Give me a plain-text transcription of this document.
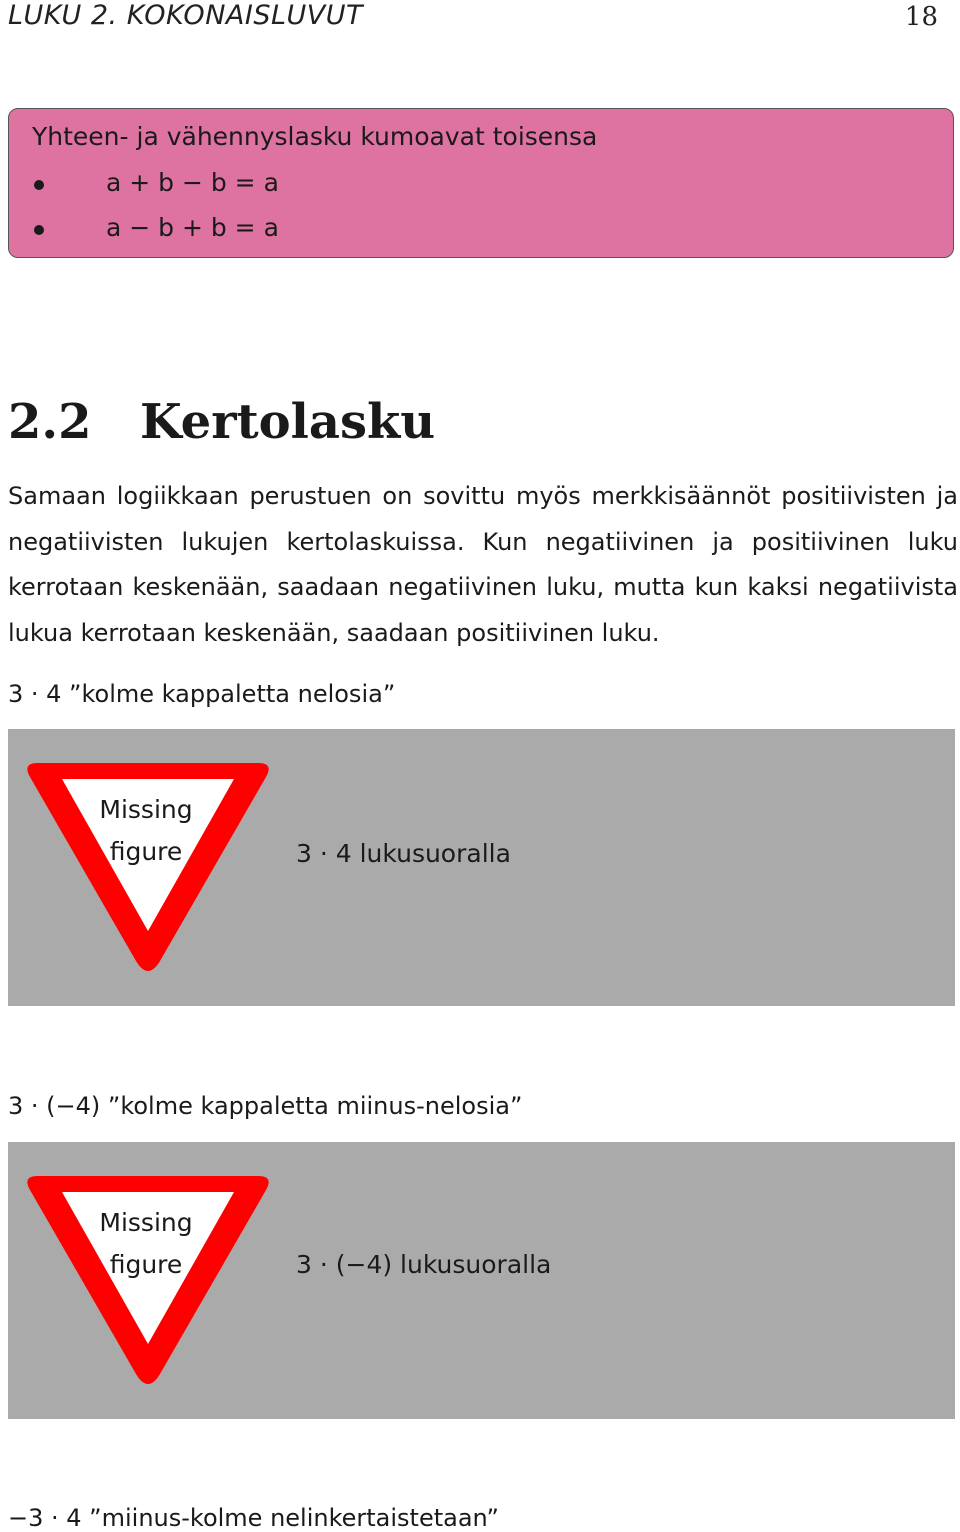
LUKU 2. KOKONAISLUVUT	18
Yhteen- ja vähennyslasku kumoavat toisensa
a + b − b = a
a − b + b = a
2.2 Kertolasku
Samaan logiikkaan perustuen on sovittu myös merkkisäännöt positiivisten ja negatiivisten lukujen kertolaskuissa. Kun negatiivinen ja positiivinen luku kerrotaan keskenään, saadaan negatiivinen luku, mutta kun kaksi negatiivista lukua kerrotaan keskenään, saadaan positiivinen luku.
3 · 4 ”kolme kappaletta nelosia”
Missing
figure	3 · 4 lukusuoralla
3 · (−4) ”kolme kappaletta miinus-nelosia”
Missing
figure	3 · (−4) lukusuoralla
−3 · 4 ”miinus-kolme nelinkertaistetaan”
